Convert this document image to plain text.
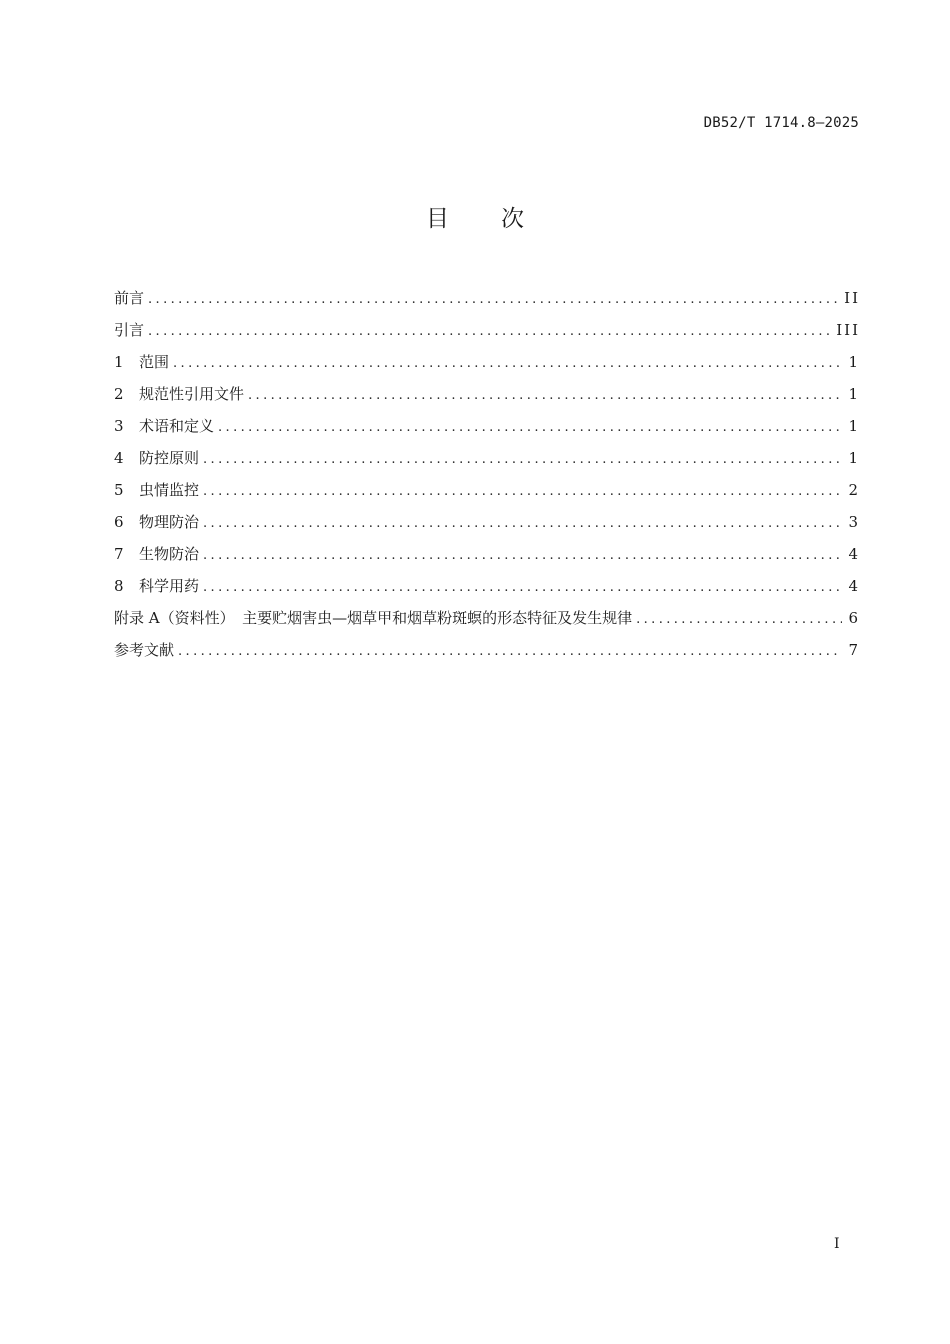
DB52/T 1714.8—2025
目 次
前言 .....	II
引言 .....	III
1	范围 .....	1
2	规范性引用文件 .....	1
3	术语和定义 .....	1
4	防控原则 .....	1
5	虫情监控 .....	2
6	物理防治 .....	3
7	生物防治 .....	4
8	科学用药 .....	4
附录 A（资料性）　主要贮烟害虫—烟草甲和烟草粉斑螟的形态特征及发生规律 .....	6
参考文献 .....	7
I
